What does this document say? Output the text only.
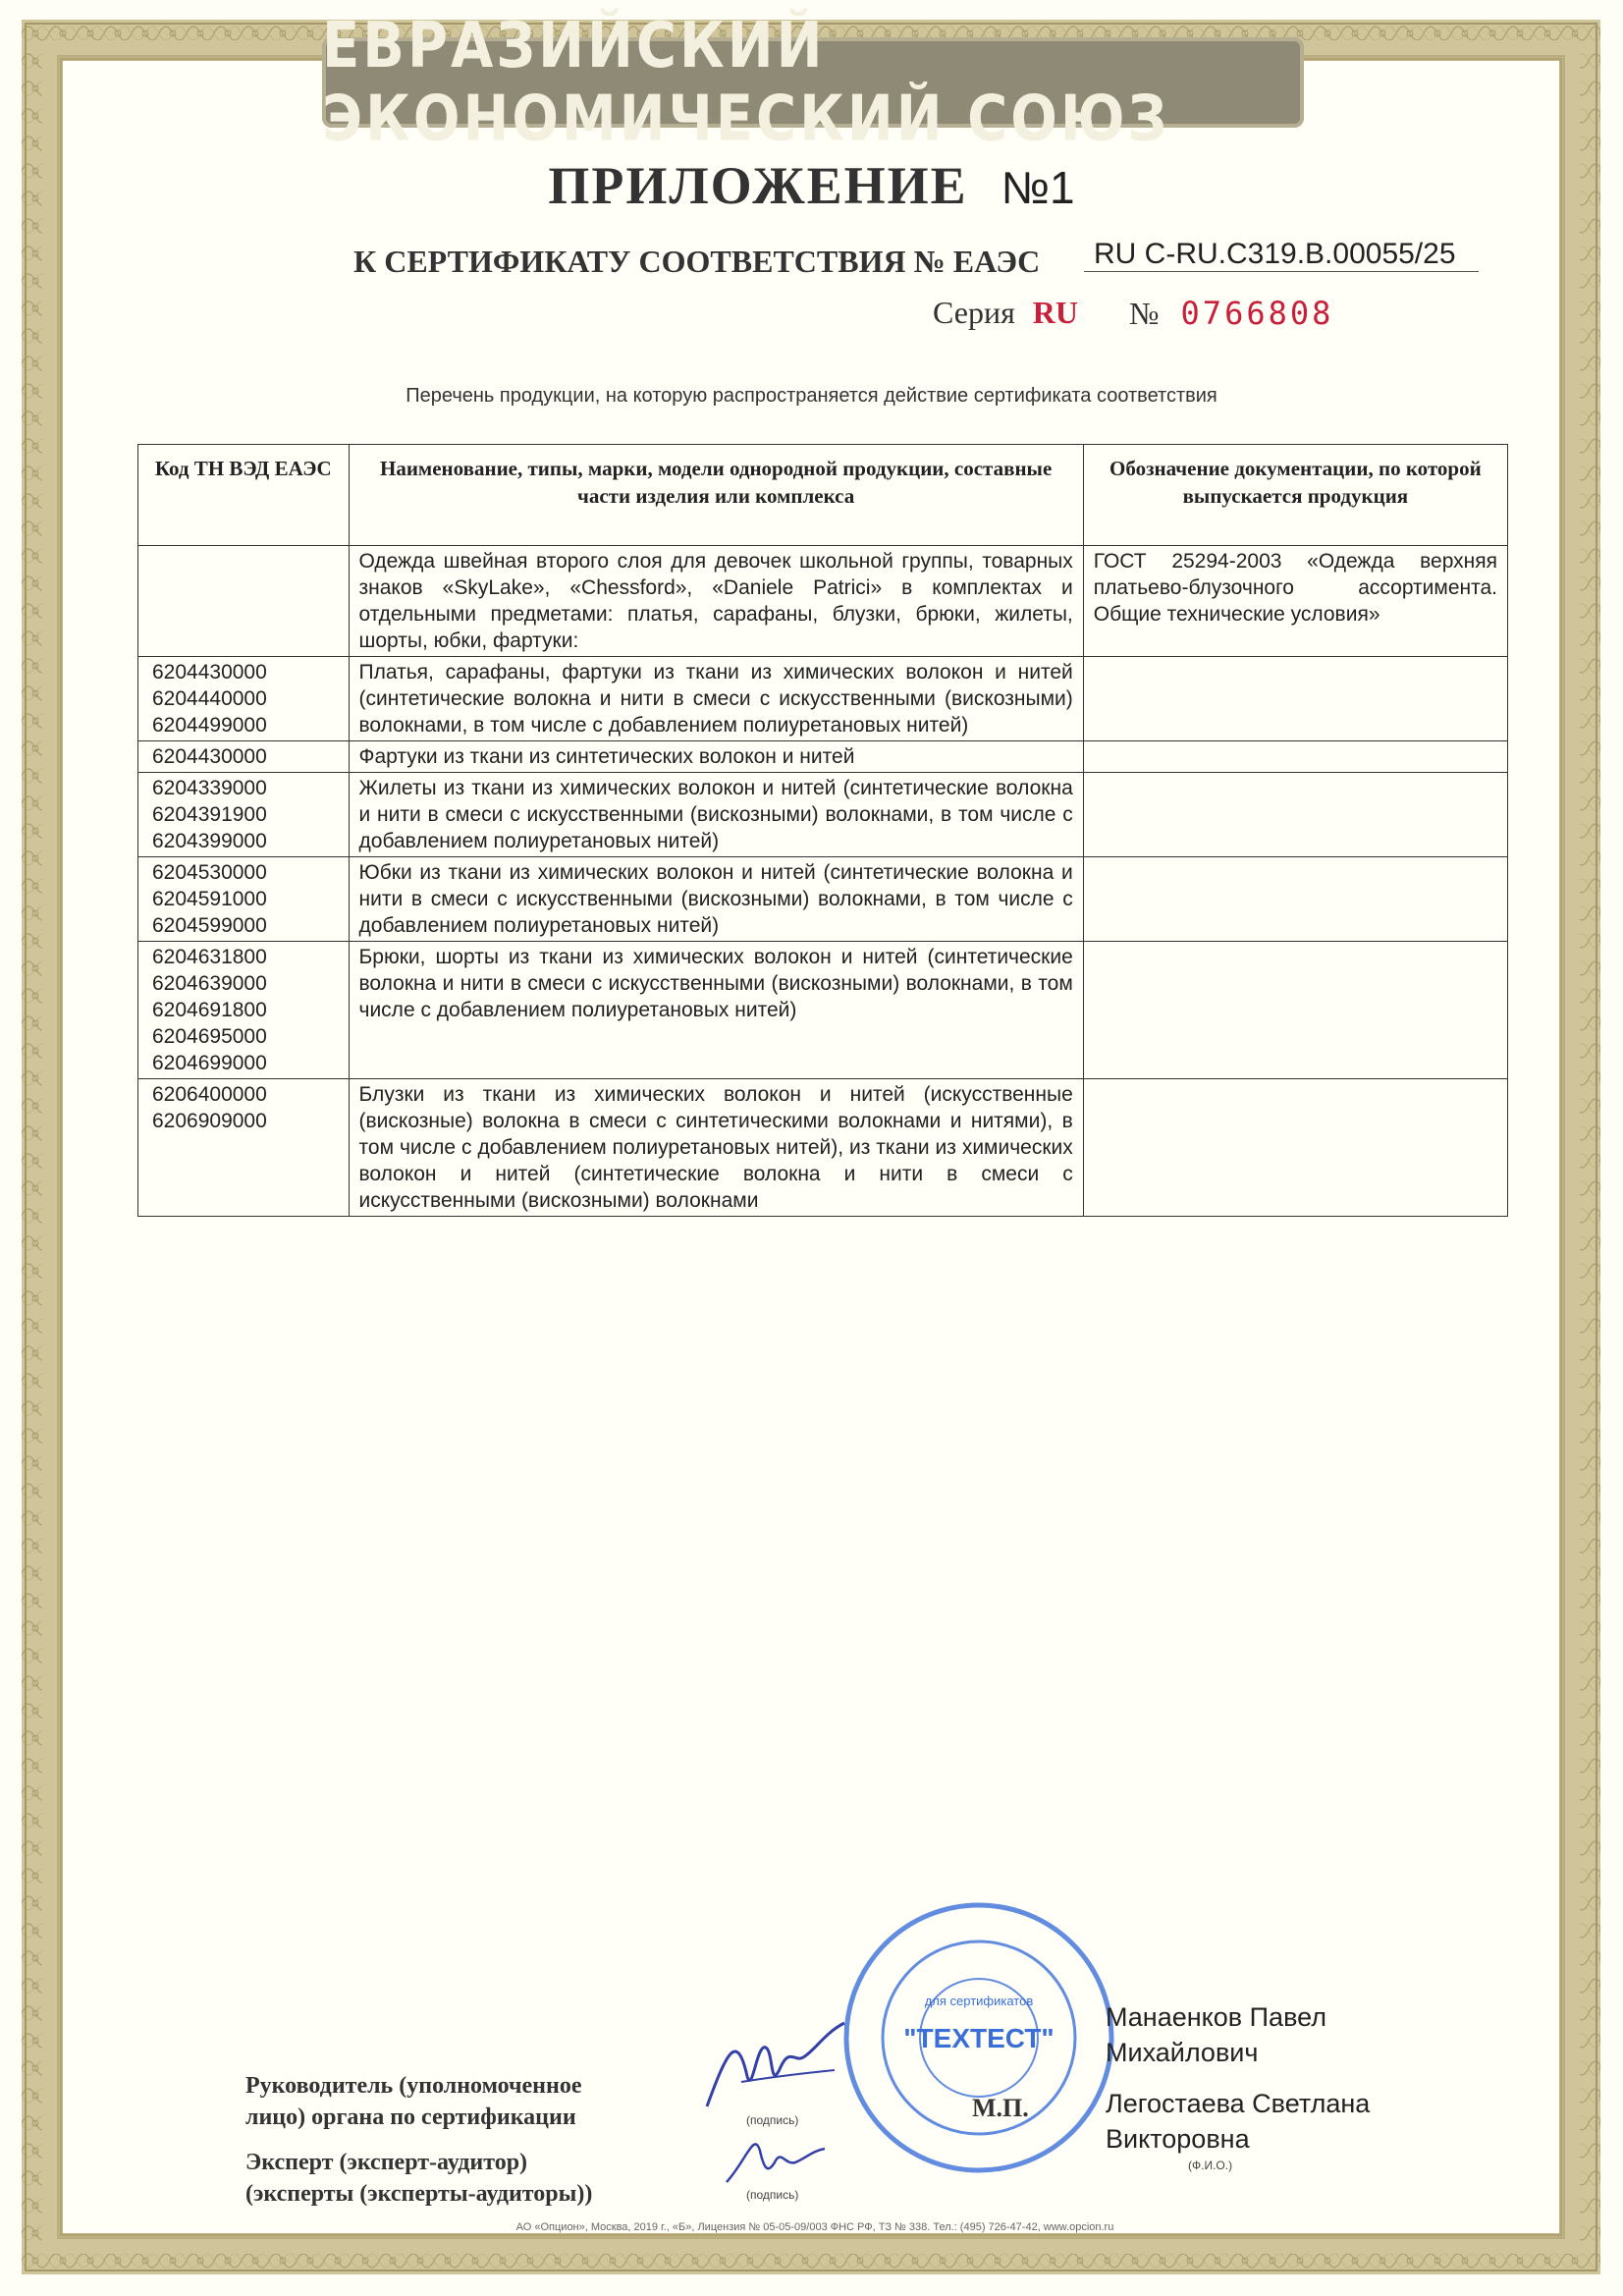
ЕВРАЗИЙСКИЙ ЭКОНОМИЧЕСКИЙ СОЮЗ
ПРИЛОЖЕНИЕ №1
К СЕРТИФИКАТУ СООТВЕТСТВИЯ № ЕАЭС	RU C-RU.C319.B.00055/25
Серия RU № 0766808
Перечень продукции, на которую распространяется действие сертификата соответствия
Код ТН ВЭД ЕАЭС	Наименование, типы, марки, модели однородной продукции, составные части изделия или комплекса	Обозначение документации, по которой выпускается продукция
	Одежда швейная второго слоя для девочек школьной группы, товарных знаков «SkyLake», «Chessford», «Daniele Patrici» в комплектах и отдельными предметами: платья, сарафаны, блузки, брюки, жилеты, шорты, юбки, фартуки:	ГОСТ 25294-2003 «Одежда верхняя платьево-блузочного ассортимента. Общие технические условия»
6204430000
6204440000
6204499000	Платья, сарафаны, фартуки из ткани из химических волокон и нитей (синтетические волокна и нити в смеси с искусственными (вискозными) волокнами, в том числе с добавлением полиуретановых нитей)	
6204430000	Фартуки из ткани из синтетических волокон и нитей	
6204339000
6204391900
6204399000	Жилеты из ткани из химических волокон и нитей (синтетические волокна и нити в смеси с искусственными (вискозными) волокнами, в том числе с добавлением полиуретановых нитей)	
6204530000
6204591000
6204599000	Юбки из ткани из химических волокон и нитей (синтетические волокна и нити в смеси с искусственными (вискозными) волокнами, в том числе с добавлением полиуретановых нитей)	
6204631800
6204639000
6204691800
6204695000
6204699000	Брюки, шорты из ткани из химических волокон и нитей (синтетические волокна и нити в смеси с искусственными (вискозными) волокнами, в том числе с добавлением полиуретановых нитей)	
6206400000
6206909000	Блузки из ткани из химических волокон и нитей (искусственные (вискозные) волокна в смеси с синтетическими волокнами и нитями), в том числе с добавлением полиуретановых нитей), из ткани из химических волокон и нитей (синтетические волокна и нити в смеси с искусственными (вискозными) волокнами	
Руководитель (уполномоченное
лицо) органа по сертификации
Эксперт (эксперт-аудитор)
(эксперты (эксперты-аудиторы))
(подпись)
(подпись)
М.П.
для сертификатов
"ТЕХТЕСТ"
Манаенков Павел
Михайлович
Легостаева Светлана
Викторовна
(Ф.И.О.)
АО «Опцион», Москва, 2019 г., «Б», Лицензия № 05-05-09/003 ФНС РФ, ТЗ № 338. Тел.: (495) 726-47-42, www.opcion.ru
